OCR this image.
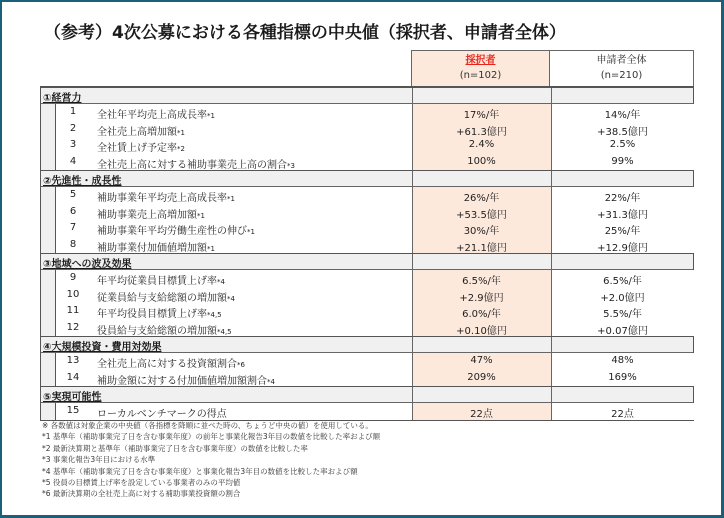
（参考）4次公募における各種指標の中央値（採択者、申請者全体）
採択者
(n=102)
申請者全体
(n=210)
①経営力
1	全社年平均売上高成長率*1	17%/年	14%/年
2	全社売上高増加額*1	+61.3億円	+38.5億円
3	全社賃上げ予定率*2	2.4%	2.5%
4	全社売上高に対する補助事業売上高の割合*3	100%	99%
②先進性・成長性
5	補助事業年平均売上高成長率*1	26%/年	22%/年
6	補助事業売上高増加額*1	+53.5億円	+31.3億円
7	補助事業年平均労働生産性の伸び*1	30%/年	25%/年
8	補助事業付加価値増加額*1	+21.1億円	+12.9億円
③地域への波及効果
9	年平均従業員目標賃上げ率*4	6.5%/年	6.5%/年
10	従業員給与支給総額の増加額*4	+2.9億円	+2.0億円
11	年平均役員目標賃上げ率*4,5	6.0%/年	5.5%/年
12	役員給与支給総額の増加額*4,5	+0.10億円	+0.07億円
④大規模投資・費用対効果
13	全社売上高に対する投資額割合*6	47%	48%
14	補助金額に対する付加価値増加額割合*4	209%	169%
⑤実現可能性
15	ローカルベンチマークの得点	22点	22点
※ 各数値は対象企業の中央値（各指標を降順に並べた時の、ちょうど中央の値）を使用している。
*1 基準年（補助事業完了日を含む事業年度）の前年と事業化報告3年目の数値を比較した率および額
*2 最新決算期と基準年（補助事業完了日を含む事業年度）の数値を比較した率
*3 事業化報告3年目における水準
*4 基準年（補助事業完了日を含む事業年度）と事業化報告3年目の数値を比較した率および額
*5 役員の目標賃上げ率を設定している事業者のみの平均値
*6 最新決算期の全社売上高に対する補助事業投資額の割合
